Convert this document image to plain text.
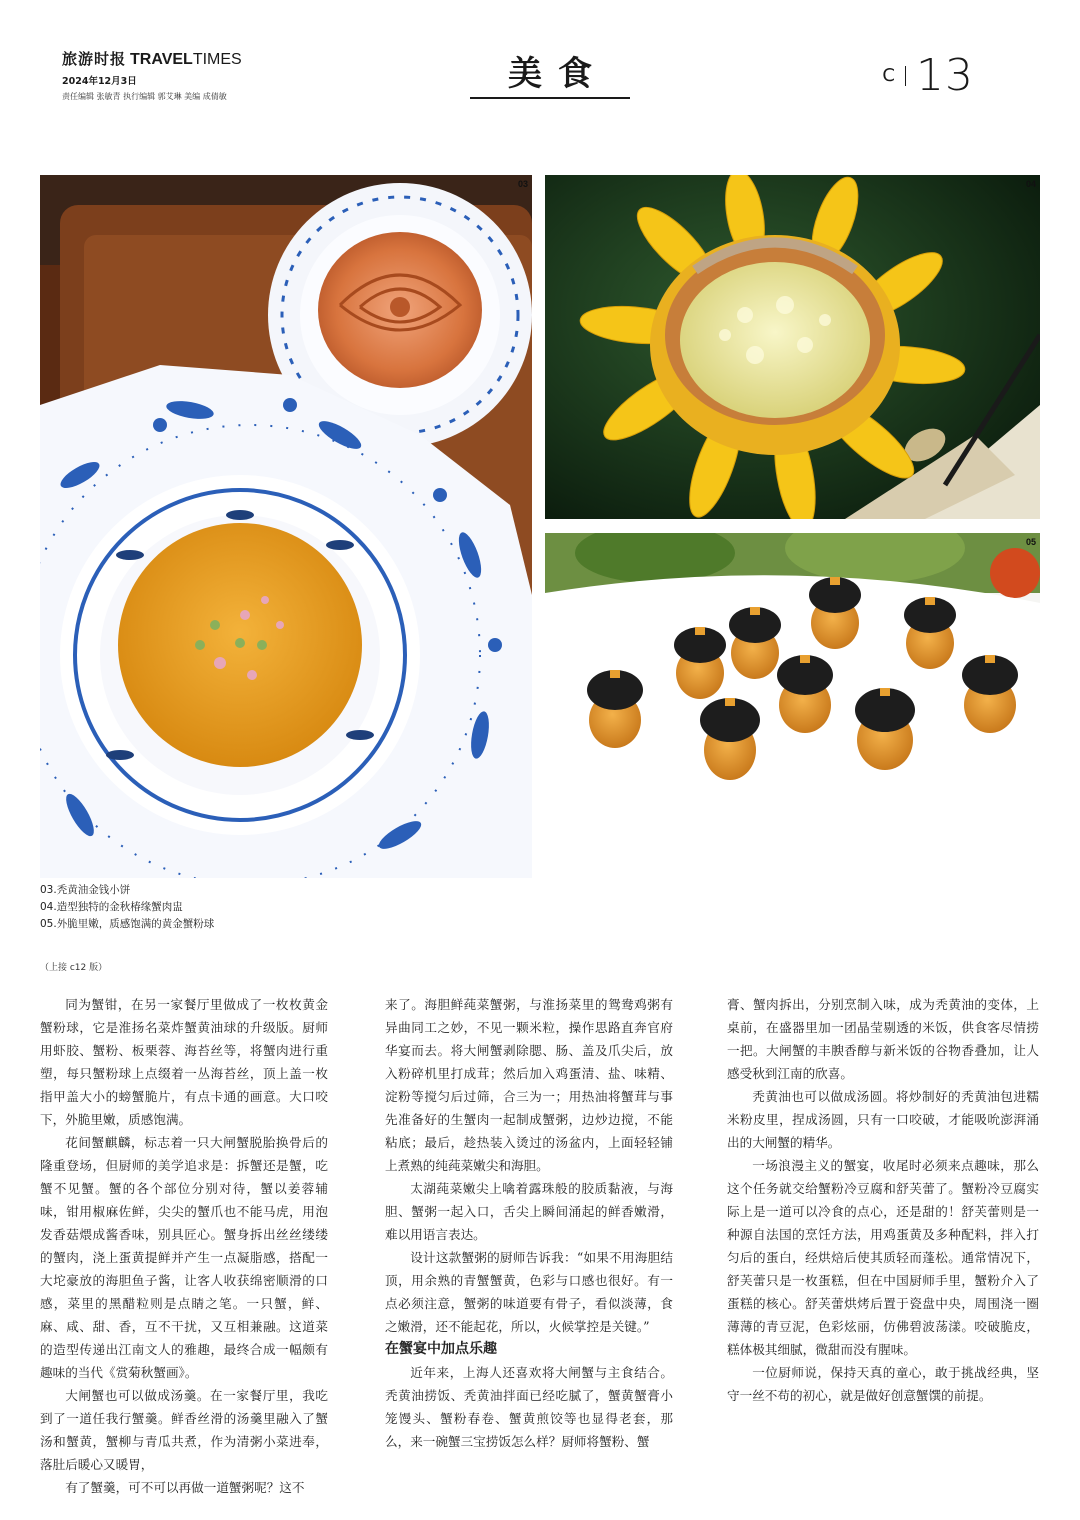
旅游时报 TRAVEL TIMES
2024年12月3日
责任编辑 张敏青 执行编辑 郭艾琳 美编 成倩敏
美食	C 13
03	04
05
03.秃黄油金钱小饼
04.造型独特的金秋椿缘蟹肉盅
05.外脆里嫩，质感饱满的黄金蟹粉球
（上接 c12 版）

同为蟹钳，在另一家餐厅里做成了一枚枚黄金蟹粉球，它是淮扬名菜炸蟹黄油球的升级版。厨师用虾胶、蟹粉、板栗蓉、海苔丝等，将蟹肉进行重塑，每只蟹粉球上点缀着一丛海苔丝，顶上盖一枚指甲盖大小的螃蟹脆片，有点卡通的画意。大口咬下，外脆里嫩，质感饱满。

花间蟹麒麟，标志着一只大闸蟹脱胎换骨后的隆重登场，但厨师的美学追求是：拆蟹还是蟹，吃蟹不见蟹。蟹的各个部位分别对待，蟹以姜蓉辅味，钳用椒麻佐鲜，尖尖的蟹爪也不能马虎，用泡发香菇煨成酱香味，别具匠心。蟹身拆出丝丝缕缕的蟹肉，浇上蛋黄提鲜并产生一点凝脂感，搭配一大坨豪放的海胆鱼子酱，让客人收获绵密顺滑的口感，菜里的黑醋粒则是点睛之笔。一只蟹，鲜、麻、咸、甜、香，互不干扰，又互相兼融。这道菜的造型传递出江南文人的雅趣，最终合成一幅颇有趣味的当代《赏菊秋蟹画》。

大闸蟹也可以做成汤羹。在一家餐厅里，我吃到了一道任我行蟹羹。鲜香丝滑的汤羹里融入了蟹汤和蟹黄，蟹柳与青瓜共煮，作为清粥小菜进奉，落肚后暖心又暖胃，

有了蟹羹，可不可以再做一道蟹粥呢？这不

来了。海胆鲜莼菜蟹粥，与淮扬菜里的鸳鸯鸡粥有异曲同工之妙，不见一颗米粒，操作思路直奔官府华宴而去。将大闸蟹剥除腮、肠、盖及爪尖后，放入粉碎机里打成茸；然后加入鸡蛋清、盐、味精、淀粉等搅匀后过筛，合三为一；用热油将蟹茸与事先准备好的生蟹肉一起制成蟹粥，边炒边搅，不能粘底；最后，趁热装入烫过的汤盆内，上面轻轻铺上煮熟的纯莼菜嫩尖和海胆。

太湖莼菜嫩尖上噙着露珠般的胶质黏液，与海胆、蟹粥一起入口，舌尖上瞬间涌起的鲜香嫩滑，难以用语言表达。

设计这款蟹粥的厨师告诉我：“如果不用海胆结顶，用余熟的青蟹蟹黄，色彩与口感也很好。有一点必须注意，蟹粥的味道要有骨子，看似淡薄，食之嫩滑，还不能起花，所以，火候掌控是关键。”

在蟹宴中加点乐趣

近年来，上海人还喜欢将大闸蟹与主食结合。秃黄油捞饭、秃黄油拌面已经吃腻了，蟹黄蟹膏小笼馒头、蟹粉春卷、蟹黄煎饺等也显得老套，那么，来一碗蟹三宝捞饭怎么样？厨师将蟹粉、蟹

膏、蟹肉拆出，分别烹制入味，成为秃黄油的变体，上桌前，在盛器里加一团晶莹剔透的米饭，供食客尽情捞一把。大闸蟹的丰腴香醇与新米饭的谷物香叠加，让人感受秋到江南的欣喜。

秃黄油也可以做成汤圆。将炒制好的秃黄油包进糯米粉皮里，捏成汤圆，只有一口咬破，才能吸吮澎湃涌出的大闸蟹的精华。

一场浪漫主义的蟹宴，收尾时必须来点趣味，那么这个任务就交给蟹粉冷豆腐和舒芙蕾了。蟹粉冷豆腐实际上是一道可以冷食的点心，还是甜的！舒芙蕾则是一种源自法国的烹饪方法，用鸡蛋黄及多种配料，拌入打匀后的蛋白，经烘焙后使其质轻而蓬松。通常情况下，舒芙蕾只是一枚蛋糕，但在中国厨师手里，蟹粉介入了蛋糕的核心。舒芙蕾烘烤后置于瓷盘中央，周围浇一圈薄薄的青豆泥，色彩炫丽，仿佛碧波荡漾。咬破脆皮，糕体极其细腻，微甜而没有腥味。

一位厨师说，保持天真的童心，敢于挑战经典，坚守一丝不苟的初心，就是做好创意蟹馔的前提。
